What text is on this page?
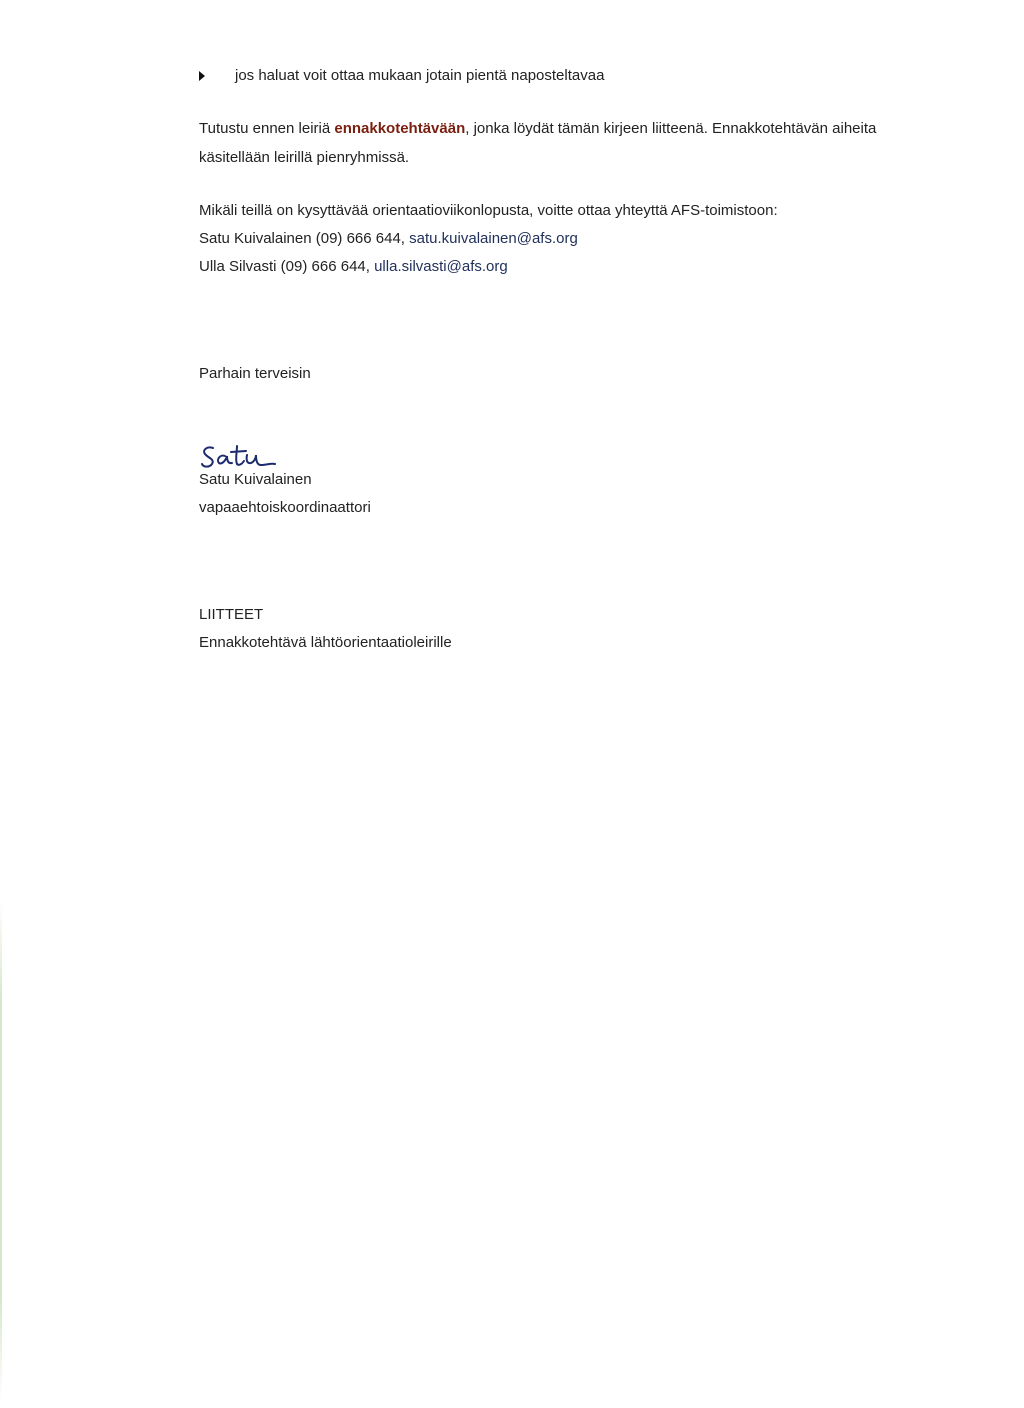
jos haluat voit ottaa mukaan jotain pientä naposteltavaa
Tutustu ennen leiriä ennakkotehtävään, jonka löydät tämän kirjeen liitteenä. Ennakkotehtävän aiheita
käsitellään leirillä pienryhmissä.
Mikäli teillä on kysyttävää orientaatioviikonlopusta, voitte ottaa yhteyttä AFS-toimistoon:
Satu Kuivalainen (09) 666 644, satu.kuivalainen@afs.org
Ulla Silvasti (09) 666 644, ulla.silvasti@afs.org
Parhain terveisin
Satu Kuivalainen
vapaaehtoiskoordinaattori
LIITTEET
Ennakkotehtävä lähtöorientaatioleirille
